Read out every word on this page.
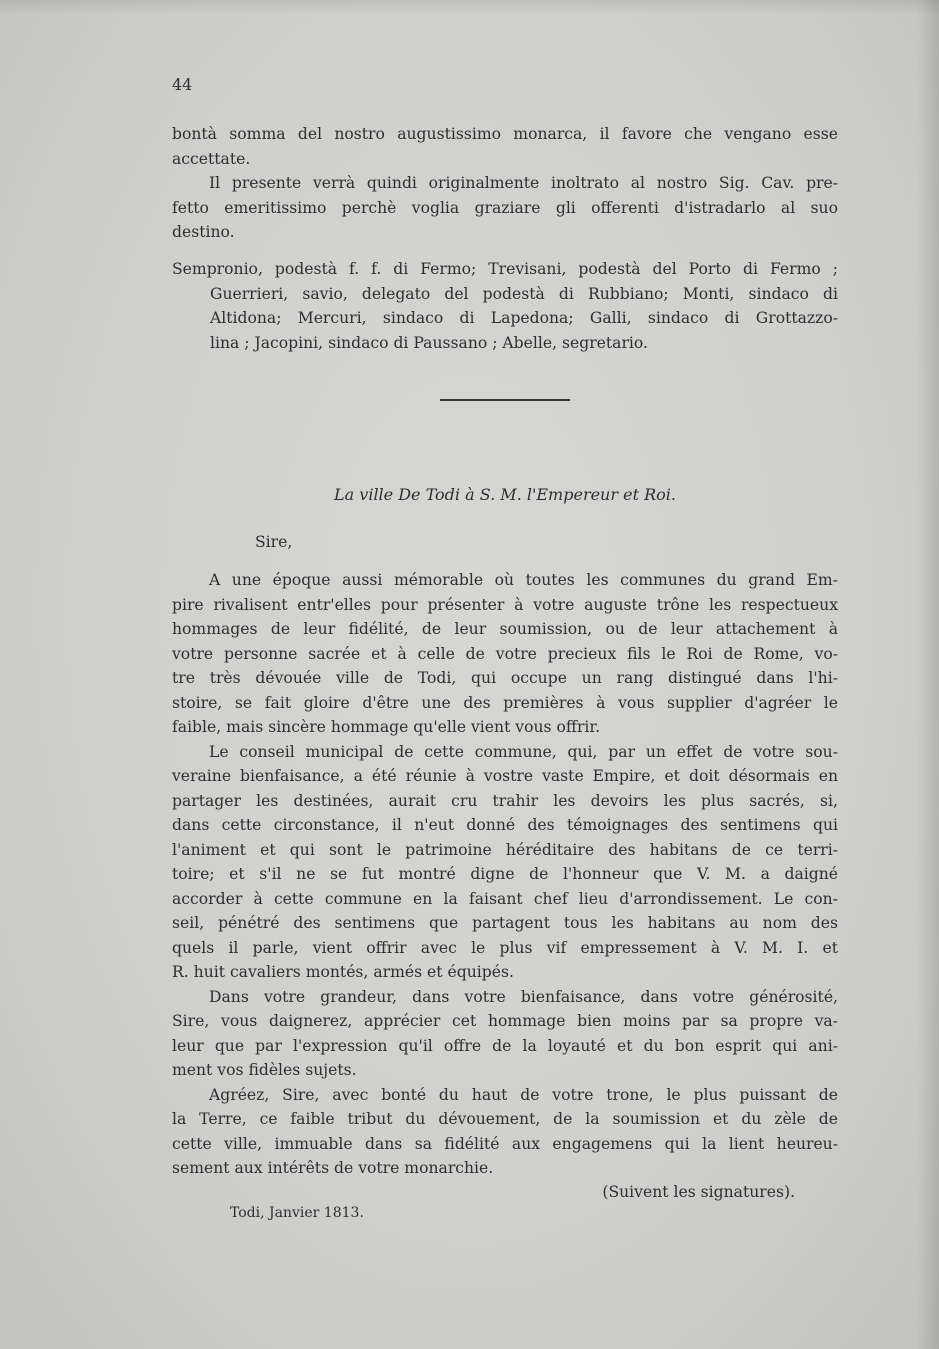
44
bontà somma del nostro augustissimo monarca, il favore che vengano esse
accettate.
Il presente verrà quindi originalmente inoltrato al nostro Sig. Cav. pre-
fetto emeritissimo perchè voglia graziare gli offerenti d'istradarlo al suo
destino.
Sempronio, podestà f. f. di Fermo; Trevisani, podestà del Porto di Fermo ;
Guerrieri, savio, delegato del podestà di Rubbiano; Monti, sindaco di
Altidona; Mercuri, sindaco di Lapedona; Galli, sindaco di Grottazzo-
lina ; Jacopini, sindaco di Paussano ; Abelle, segretario.
La ville De Todi à S. M. l'Empereur et Roi.
Sire,
A une époque aussi mémorable où toutes les communes du grand Em-
pire rivalisent entr'elles pour présenter à votre auguste trône les respectueux
hommages de leur fidélité, de leur soumission, ou de leur attachement à
votre personne sacrée et à celle de votre precieux fils le Roi de Rome, vo-
tre très dévouée ville de Todi, qui occupe un rang distingué dans l'hi-
stoire, se fait gloire d'être une des premières à vous supplier d'agréer le
faible, mais sincère hommage qu'elle vient vous offrir.
Le conseil municipal de cette commune, qui, par un effet de votre sou-
veraine bienfaisance, a été réunie à vostre vaste Empire, et doit désormais en
partager les destinées, aurait cru trahir les devoirs les plus sacrés, si,
dans cette circonstance, il n'eut donné des témoignages des sentimens qui
l'animent et qui sont le patrimoine héréditaire des habitans de ce terri-
toire; et s'il ne se fut montré digne de l'honneur que V. M. a daigné
accorder à cette commune en la faisant chef lieu d'arrondissement. Le con-
seil, pénétré des sentimens que partagent tous les habitans au nom des
quels il parle, vient offrir avec le plus vif empressement à V. M. I. et
R. huit cavaliers montés, armés et équipés.
Dans votre grandeur, dans votre bienfaisance, dans votre générosité,
Sire, vous daignerez, apprécier cet hommage bien moins par sa propre va-
leur que par l'expression qu'il offre de la loyauté et du bon esprit qui ani-
ment vos fidèles sujets.
Agréez, Sire, avec bonté du haut de votre trone, le plus puissant de
la Terre, ce faible tribut du dévouement, de la soumission et du zèle de
cette ville, immuable dans sa fidélité aux engagemens qui la lient heureu-
sement aux intérêts de votre monarchie.
(Suivent les signatures).
Todi, Janvier 1813.
